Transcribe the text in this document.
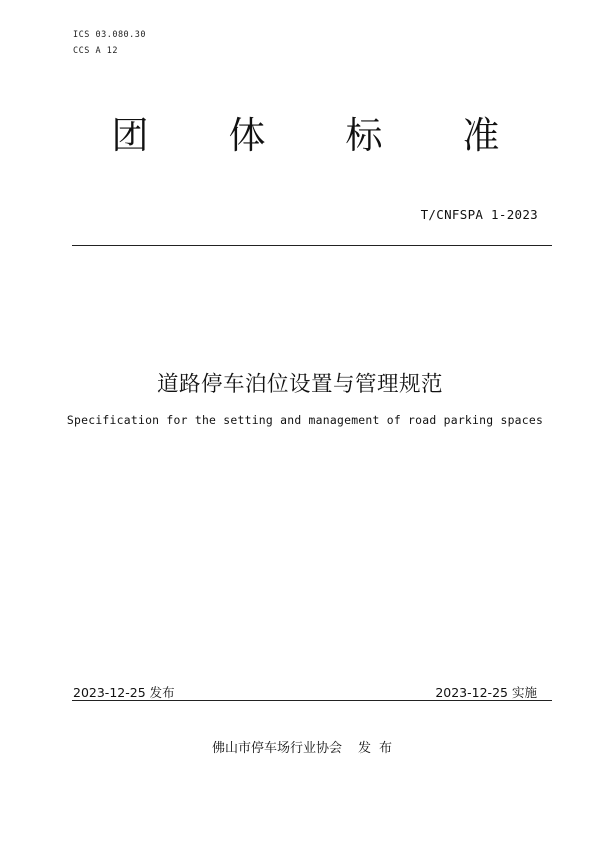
ICS 03.080.30
CCS A 12
团 体 标 准
T/CNFSPA 1-2023
道路停车泊位设置与管理规范
Specification for the setting and management of road parking spaces
2023-12-25 发布	2023-12-25 实施
佛山市停车场行业协会 发布
